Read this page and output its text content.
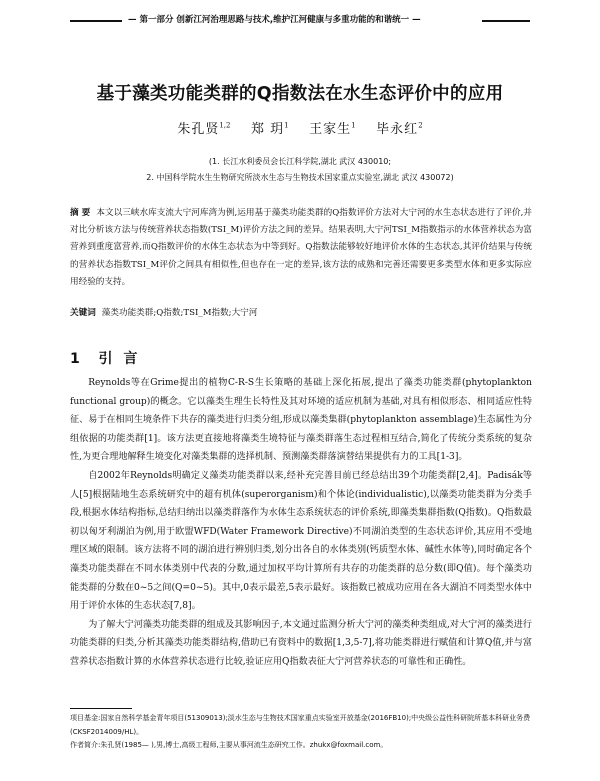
— 第一部分 创新江河治理思路与技术,维护江河健康与多重功能的和谐统一 —
基于藻类功能类群的Q指数法在水生态评价中的应用
朱孔贤$^{1,2}$ 郑 玥$^1$ 王家生$^1$ 毕永红$^2$
(1. 长江水利委员会长江科学院,湖北 武汉 430010;
2. 中国科学院水生生物研究所淡水生态与生物技术国家重点实验室,湖北 武汉 430072)
摘 要 本文以三峡水库支流大宁河库湾为例,运用基于藻类功能类群的Q指数评价方法对大宁河的水生态状态进行了评价,并对比分析该方法与传统营养状态指数(TSI_M)评价方法之间的差异。结果表明,大宁河TSI_M指数指示的水体营养状态为富营养到重度富营养,而Q指数评价的水体生态状态为中等到好。Q指数法能够较好地评价水体的生态状态,其评价结果与传统的营养状态指数TSI_M评价之间具有相似性,但也存在一定的差异,该方法的成熟和完善还需要更多类型水体和更多实际应用经验的支持。
关键词 藻类功能类群;Q指数;TSI_M指数;大宁河
1 引 言

Reynolds等在Grime提出的植物C-R-S生长策略的基础上深化拓展,提出了藻类功能类群(phytoplankton functional group)的概念。它以藻类生理生长特性及其对环境的适应机制为基础,对具有相似形态、相同适应性特征、易于在相同生境条件下共存的藻类进行归类分组,形成以藻类集群(phytoplankton assemblage)生态属性为分组依据的功能类群[1]。该方法更直接地将藻类生境特征与藻类群落生态过程相互结合,简化了传统分类系统的复杂性,为更合理地解释生境变化对藻类集群的选择机制、预测藻类群落演替结果提供有力的工具[1-3]。

自2002年Reynolds明确定义藻类功能类群以来,经补充完善目前已经总结出39个功能类群[2,4]。Padisák等人[5]根据陆地生态系统研究中的超有机体(superorganism)和个体论(individualistic),以藻类功能类群为分类手段,根据水体结构指标,总结归纳出以藻类群落作为水体生态系统状态的评价系统,即藻类集群指数(Q指数)。Q指数最初以匈牙利湖泊为例,用于欧盟WFD(Water Framework Directive)不同湖泊类型的生态状态评价,其应用不受地理区域的限制。该方法将不同的湖泊进行辨别归类,划分出各自的水体类别(钙质型水体、碱性水体等),同时确定各个藻类功能类群在不同水体类别中代表的分数,通过加权平均计算所有共存的功能类群的总分数(即Q值)。每个藻类功能类群的分数在0~5之间(Q=0~5)。其中,0表示最差,5表示最好。该指数已被成功应用在各大湖泊不同类型水体中用于评价水体的生态状态[7,8]。

为了解大宁河藻类功能类群的组成及其影响因子,本文通过监测分析大宁河的藻类种类组成,对大宁河的藻类进行功能类群的归类,分析其藻类功能类群结构,借助已有资料中的数据[1,3,5-7],将功能类群进行赋值和计算Q值,并与富营养状态指数计算的水体营养状态进行比较,验证应用Q指数表征大宁河营养状态的可靠性和正确性。

项目基金:国家自然科学基金青年项目(51309013);淡水生态与生物技术国家重点实验室开放基金(2016FB10);中央级公益性科研院所基本科研业务费(CKSF2014009/HL)。
作者简介:朱孔贤(1985— ),男,博士,高级工程师,主要从事河流生态研究工作。zhukx@foxmail.com。
